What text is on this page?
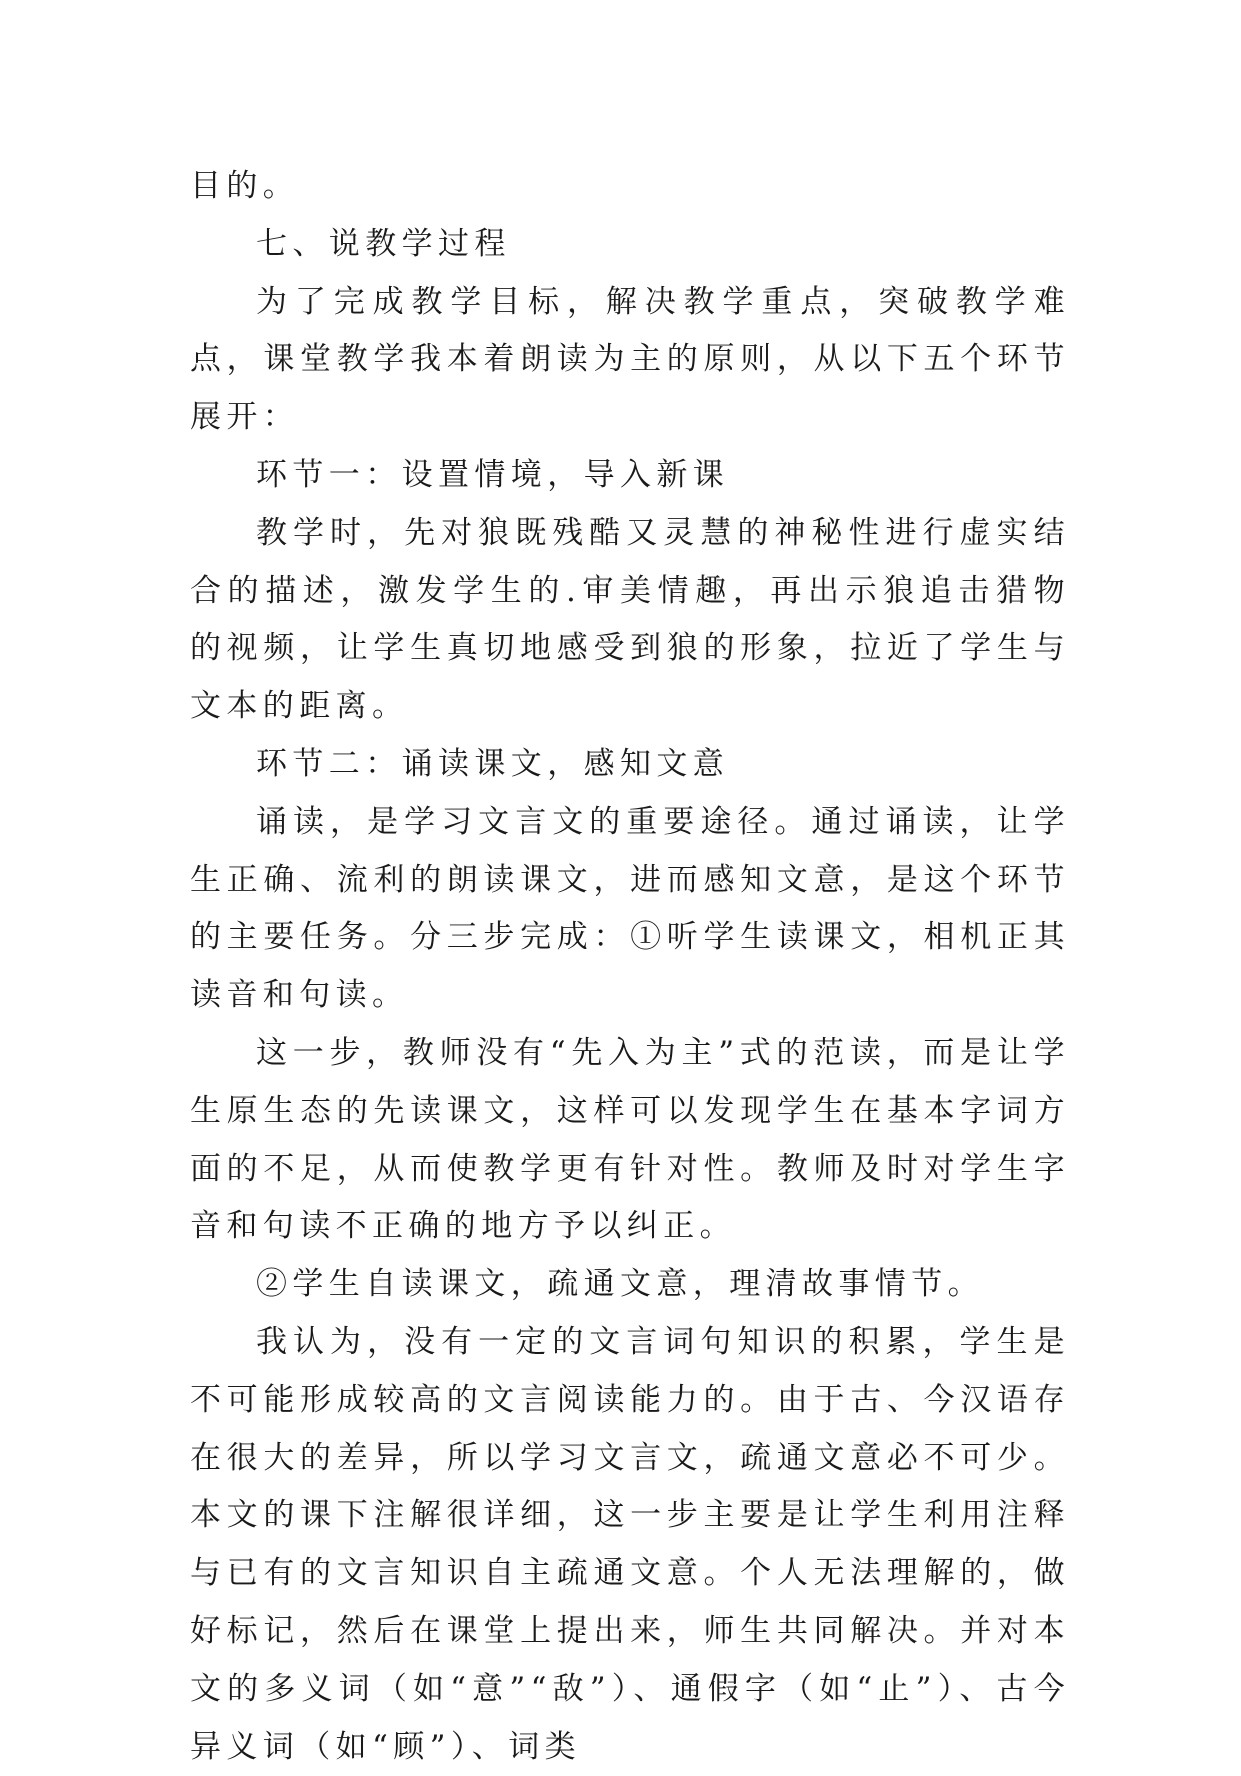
目的。

七、说教学过程

为了完成教学目标，解决教学重点，突破教学难点，课堂教学我本着朗读为主的原则，从以下五个环节展开：

环节一：设置情境，导入新课

教学时，先对狼既残酷又灵慧的神秘性进行虚实结合的描述，激发学生的.审美情趣，再出示狼追击猎物的视频，让学生真切地感受到狼的形象，拉近了学生与文本的距离。

环节二：诵读课文，感知文意

诵读，是学习文言文的重要途径。通过诵读，让学生正确、流利的朗读课文，进而感知文意，是这个环节的主要任务。分三步完成：①听学生读课文，相机正其读音和句读。

这一步，教师没有“先入为主”式的范读，而是让学生原生态的先读课文，这样可以发现学生在基本字词方面的不足，从而使教学更有针对性。教师及时对学生字音和句读不正确的地方予以纠正。

②学生自读课文，疏通文意，理清故事情节。

我认为，没有一定的文言词句知识的积累，学生是不可能形成较高的文言阅读能力的。由于古、今汉语存在很大的差异，所以学习文言文，疏通文意必不可少。本文的课下注解很详细，这一步主要是让学生利用注释与已有的文言知识自主疏通文意。个人无法理解的，做好标记，然后在课堂上提出来，师生共同解决。并对本文的多义词（如“意”“敌”）、通假字（如“止”）、古今异义词（如“顾”）、词类
